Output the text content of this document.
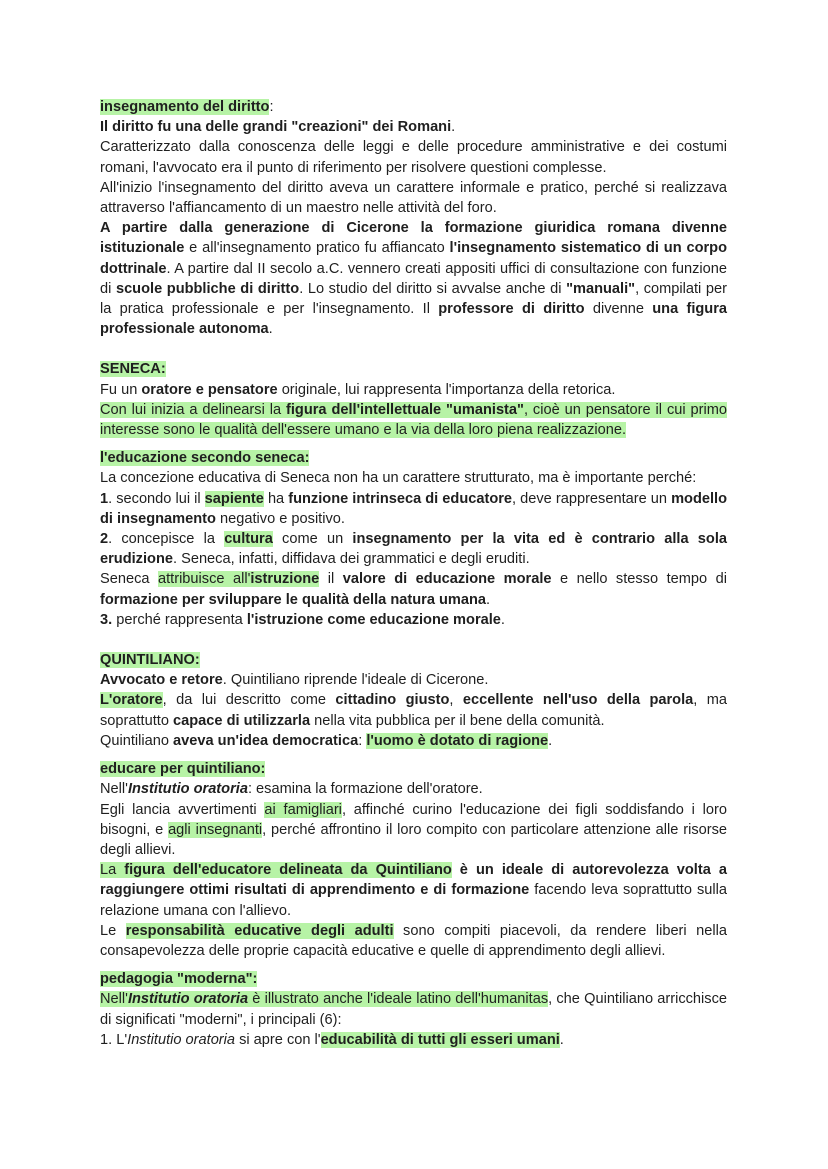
insegnamento del diritto:

Il diritto fu una delle grandi "creazioni" dei Romani.

Caratterizzato dalla conoscenza delle leggi e delle procedure amministrative e dei costumi romani, l'avvocato era il punto di riferimento per risolvere questioni complesse.

All'inizio l'insegnamento del diritto aveva un carattere informale e pratico, perché si realizzava attraverso l'affiancamento di un maestro nelle attività del foro.

A partire dalla generazione di Cicerone la formazione giuridica romana divenne istituzionale e all'insegnamento pratico fu affiancato l'insegnamento sistematico di un corpo dottrinale. A partire dal II secolo a.C. vennero creati appositi uffici di consultazione con funzione di scuole pubbliche di diritto. Lo studio del diritto si avvalse anche di "manuali", compilati per la pratica professionale e per l'insegnamento. Il professore di diritto divenne una figura professionale autonoma.

SENECA:

Fu un oratore e pensatore originale, lui rappresenta l'importanza della retorica.

Con lui inizia a delinearsi la figura dell'intellettuale "umanista", cioè un pensatore il cui primo interesse sono le qualità dell'essere umano e la via della loro piena realizzazione.

l'educazione secondo seneca:

La concezione educativa di Seneca non ha un carattere strutturato, ma è importante perché:

1. secondo lui il sapiente ha funzione intrinseca di educatore, deve rappresentare un modello di insegnamento negativo e positivo.

2. concepisce la cultura come un insegnamento per la vita ed è contrario alla sola erudizione. Seneca, infatti, diffidava dei grammatici e degli eruditi.

Seneca attribuisce all'istruzione il valore di educazione morale e nello stesso tempo di formazione per sviluppare le qualità della natura umana.

3. perché rappresenta l'istruzione come educazione morale.

QUINTILIANO:

Avvocato e retore. Quintiliano riprende l'ideale di Cicerone.

L'oratore, da lui descritto come cittadino giusto, eccellente nell'uso della parola, ma soprattutto capace di utilizzarla nella vita pubblica per il bene della comunità.

Quintiliano aveva un'idea democratica: l'uomo è dotato di ragione.

educare per quintiliano:

Nell'Institutio oratoria: esamina la formazione dell'oratore.

Egli lancia avvertimenti ai famigliari, affinché curino l'educazione dei figli soddisfando i loro bisogni, e agli insegnanti, perché affrontino il loro compito con particolare attenzione alle risorse degli allievi.

La figura dell'educatore delineata da Quintiliano è un ideale di autorevolezza volta a raggiungere ottimi risultati di apprendimento e di formazione facendo leva soprattutto sulla relazione umana con l'allievo.

Le responsabilità educative degli adulti sono compiti piacevoli, da rendere liberi nella consapevolezza delle proprie capacità educative e quelle di apprendimento degli allievi.

pedagogia "moderna":

Nell'Institutio oratoria è illustrato anche l'ideale latino dell'humanitas, che Quintiliano arricchisce di significati "moderni", i principali (6):

1. L'Institutio oratoria si apre con l'educabilità di tutti gli esseri umani.
